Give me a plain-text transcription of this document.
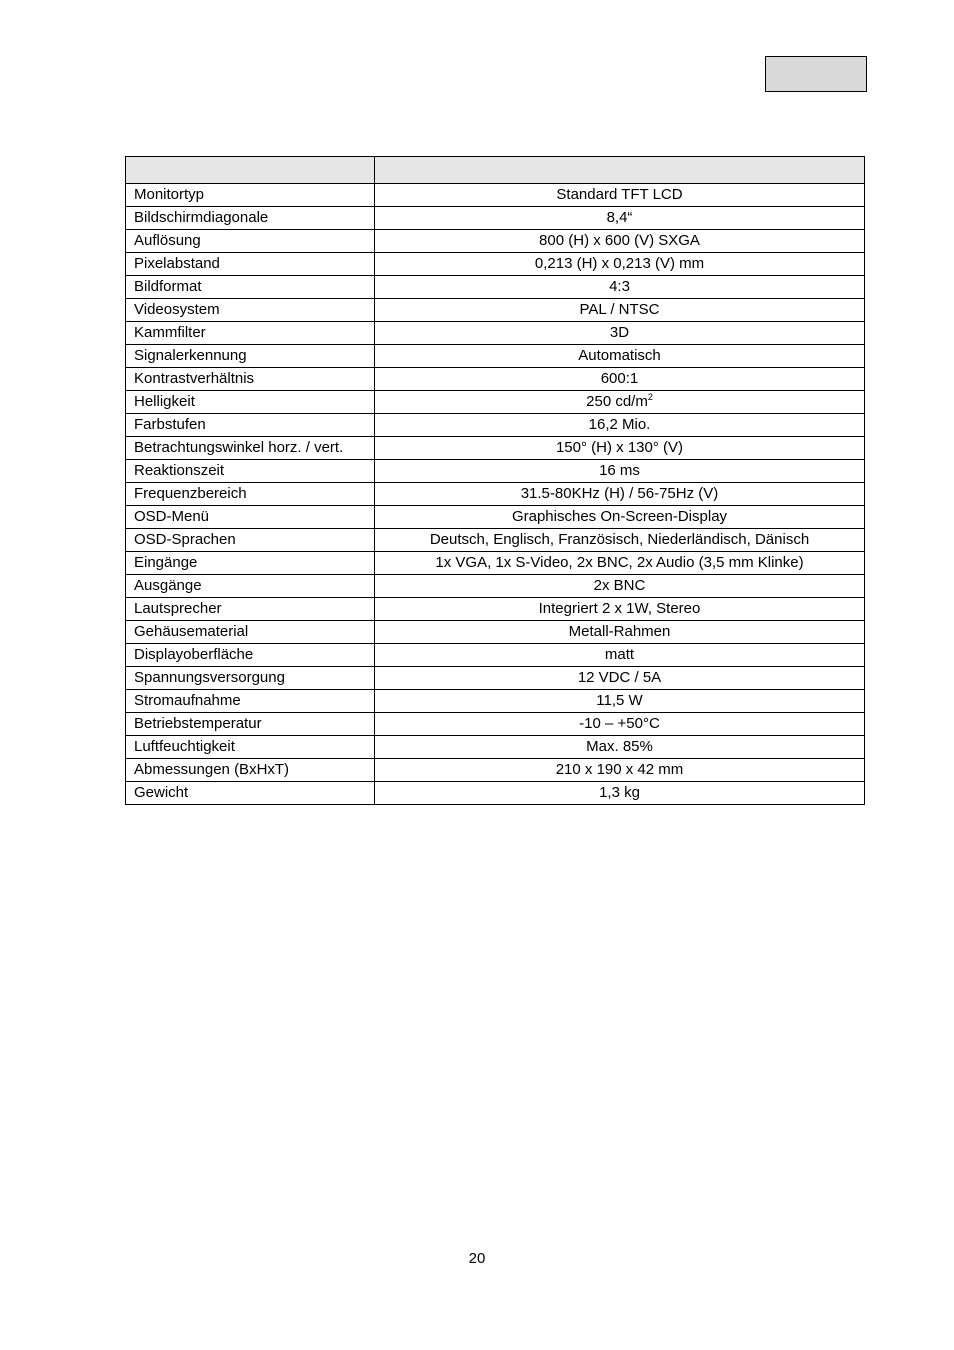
Monitortyp	Standard TFT LCD
Bildschirmdiagonale	8,4“
Auflösung	800 (H) x 600 (V) SXGA
Pixelabstand	0,213 (H) x 0,213 (V) mm
Bildformat	4:3
Videosystem	PAL / NTSC
Kammfilter	3D
Signalerkennung	Automatisch
Kontrastverhältnis	600:1
Helligkeit	250 $cd/m^2$
Farbstufen	16,2 Mio.
Betrachtungswinkel horz. / vert.	150° (H) x 130° (V)
Reaktionszeit	16 ms
Frequenzbereich	31.5-80KHz (H) / 56-75Hz (V)
OSD-Menü	Graphisches On-Screen-Display
OSD-Sprachen	Deutsch, Englisch, Französisch, Niederländisch, Dänisch
Eingänge	1x VGA, 1x S-Video, 2x BNC, 2x Audio (3,5 mm Klinke)
Ausgänge	2x BNC
Lautsprecher	Integriert 2 x 1W, Stereo
Gehäusematerial	Metall-Rahmen
Displayoberfläche	matt
Spannungsversorgung	12 VDC / 5A
Stromaufnahme	11,5 W
Betriebstemperatur	-10 – +50°C
Luftfeuchtigkeit	Max. 85%
Abmessungen (BxHxT)	210 x 190 x 42 mm
Gewicht	1,3 kg
20
